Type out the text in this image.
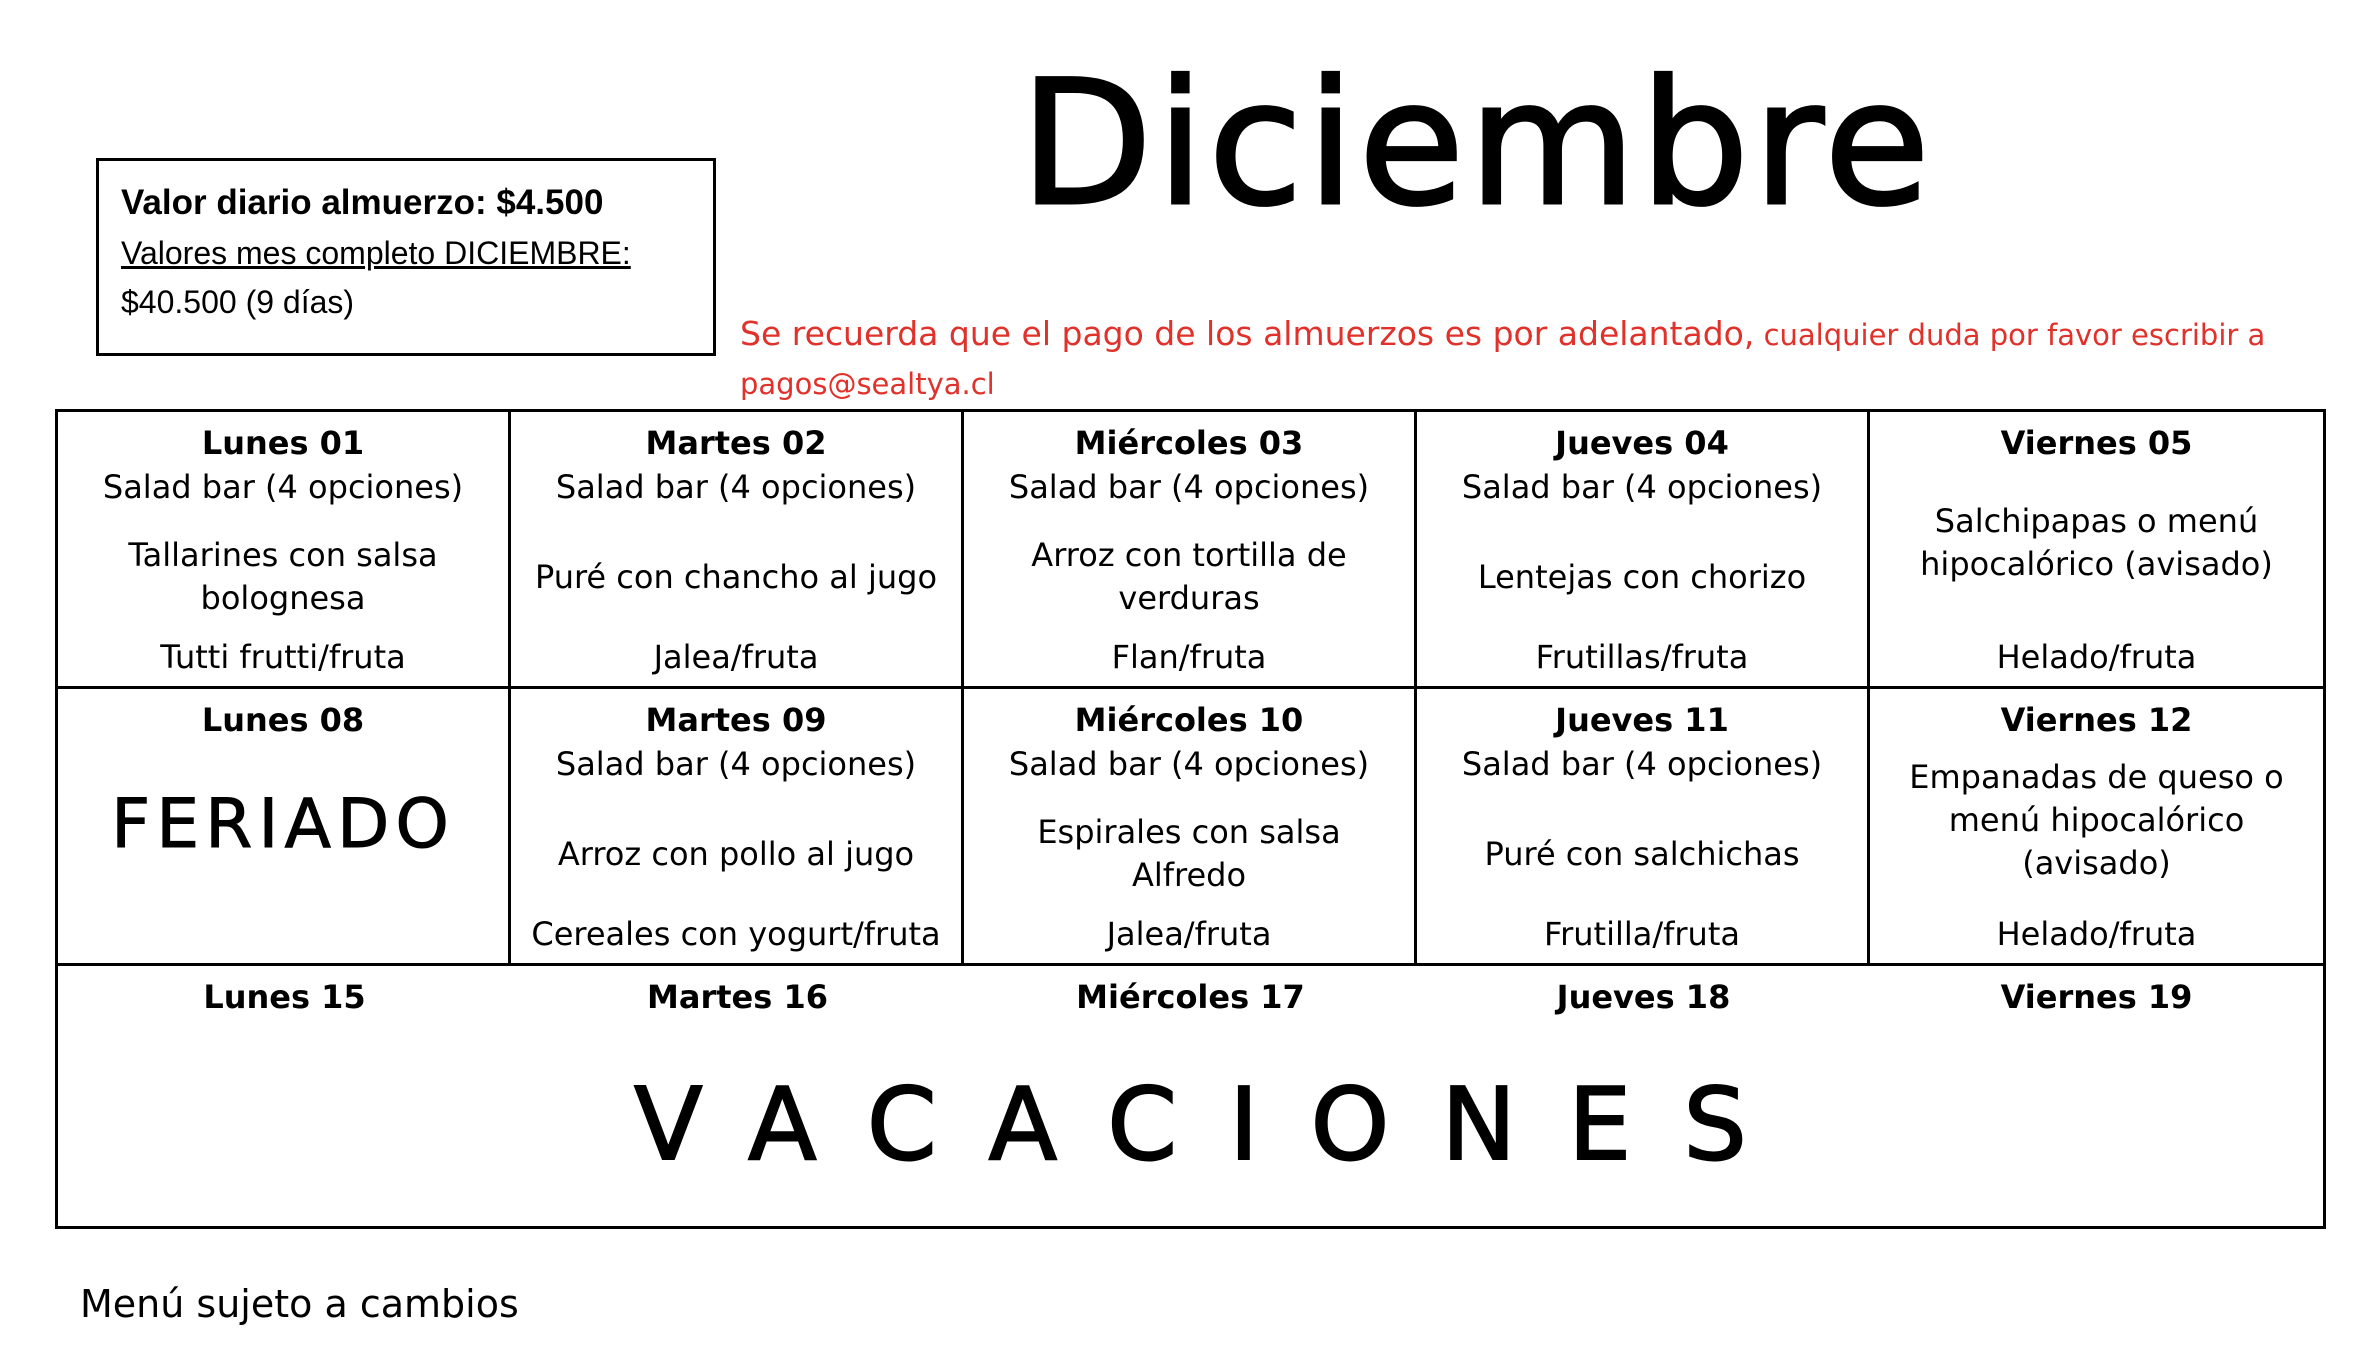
Valor diario almuerzo: $4.500
Valores mes completo DICIEMBRE:
$40.500 (9 días)
Diciembre
Se recuerda que el pago de los almuerzos es por adelantado, cualquier duda por favor escribir a pagos@sealtya.cl
Lunes 01
Salad bar (4 opciones)
Tallarines con salsa bolognesa
Tutti frutti/fruta
Martes 02
Salad bar (4 opciones)
Puré con chancho al jugo
Jalea/fruta
Miércoles 03
Salad bar (4 opciones)
Arroz con tortilla de verduras
Flan/fruta
Jueves 04
Salad bar (4 opciones)
Lentejas con chorizo
Frutillas/fruta
Viernes 05
Salchipapas o menú hipocalórico (avisado)
Helado/fruta
Lunes 08
FERIADO
Martes 09
Salad bar (4 opciones)
Arroz con pollo al jugo
Cereales con yogurt/fruta
Miércoles 10
Salad bar (4 opciones)
Espirales con salsa Alfredo
Jalea/fruta
Jueves 11
Salad bar (4 opciones)
Puré con salchichas
Frutilla/fruta
Viernes 12
Empanadas de queso o menú hipocalórico (avisado)
Helado/fruta
Lunes 15	Martes 16	Miércoles 17	Jueves 18	Viernes 19
VACACIONES
Menú sujeto a cambios
